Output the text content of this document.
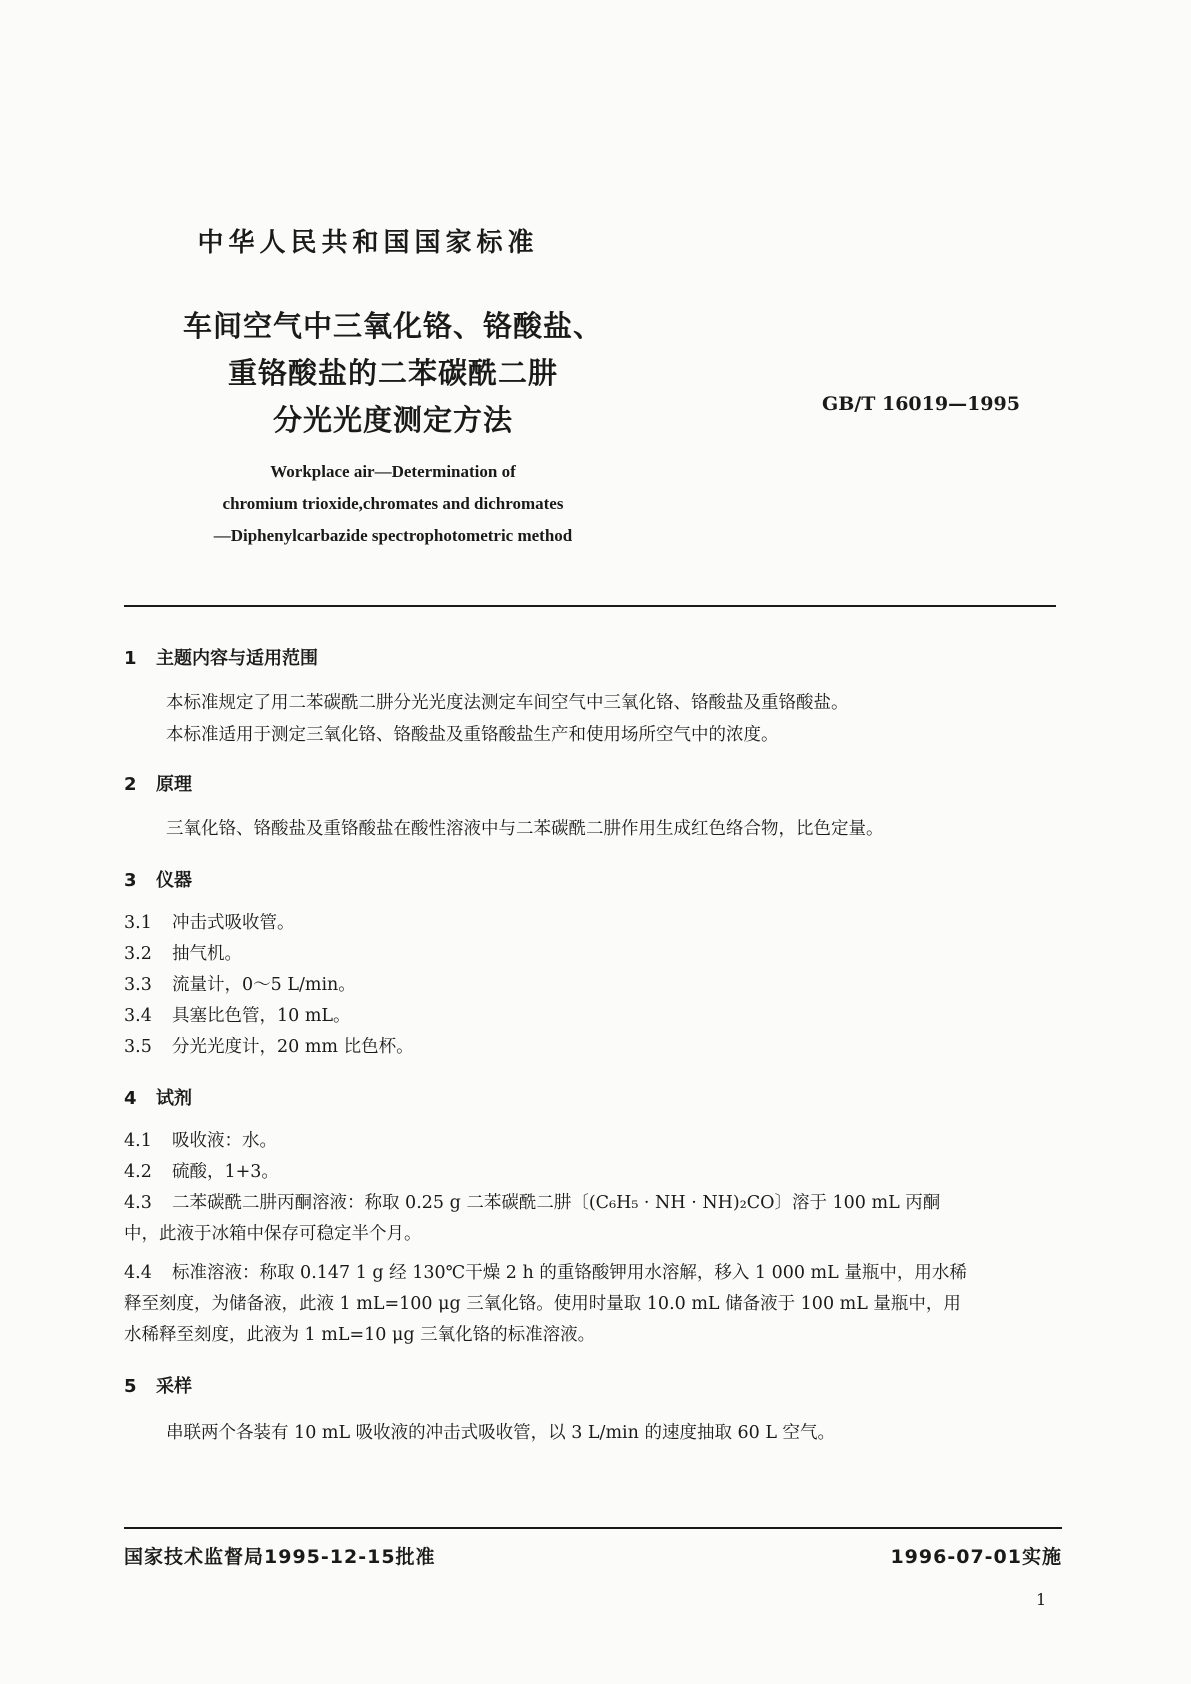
中华人民共和国国家标准
车间空气中三氧化铬、铬酸盐、
重铬酸盐的二苯碳酰二肼
分光光度测定方法	GB/T 16019—1995
Workplace air—Determination of
chromium trioxide,chromates and dichromates
—Diphenylcarbazide spectrophotometric method
1 主题内容与适用范围
本标准规定了用二苯碳酰二肼分光光度法测定车间空气中三氧化铬、铬酸盐及重铬酸盐。
本标准适用于测定三氧化铬、铬酸盐及重铬酸盐生产和使用场所空气中的浓度。
2 原理
三氧化铬、铬酸盐及重铬酸盐在酸性溶液中与二苯碳酰二肼作用生成红色络合物，比色定量。
3 仪器
3.1 冲击式吸收管。
3.2 抽气机。
3.3 流量计，0～5 L/min。
3.4 具塞比色管，10 mL。
3.5 分光光度计，20 mm 比色杯。
4 试剂
4.1 吸收液：水。
4.2 硫酸，1+3。
4.3 二苯碳酰二肼丙酮溶液：称取 0.25 g 二苯碳酰二肼〔(C₆H₅ · NH · NH)₂CO〕溶于 100 mL 丙酮
中，此液于冰箱中保存可稳定半个月。
4.4 标准溶液：称取 0.147 1 g 经 130℃干燥 2 h 的重铬酸钾用水溶解，移入 1 000 mL 量瓶中，用水稀
释至刻度，为储备液，此液 1 mL=100 μg 三氧化铬。使用时量取 10.0 mL 储备液于 100 mL 量瓶中，用
水稀释至刻度，此液为 1 mL=10 μg 三氧化铬的标准溶液。
5 采样
串联两个各装有 10 mL 吸收液的冲击式吸收管，以 3 L/min 的速度抽取 60 L 空气。
国家技术监督局1995-12-15批准	1996-07-01实施
1
